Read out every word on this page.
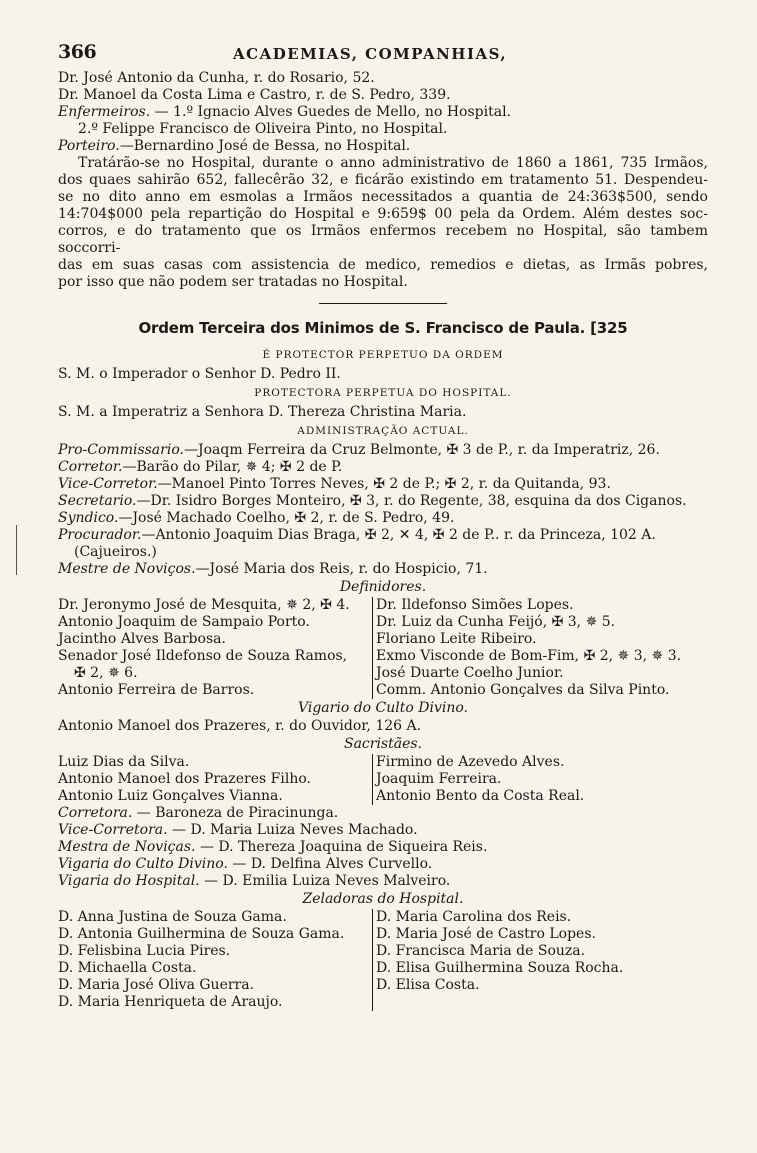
366	ACADEMIAS, COMPANHIAS,

Dr. José Antonio da Cunha, r. do Rosario, 52.

Dr. Manoel da Costa Lima e Castro, r. de S. Pedro, 339.

Enfermeiros. — 1.º Ignacio Alves Guedes de Mello, no Hospital.

2.º Felippe Francisco de Oliveira Pinto, no Hospital.

Porteiro.—Bernardino José de Bessa, no Hospital.

Tratárão-se no Hospital, durante o anno administrativo de 1860 a 1861, 735 Irmãos,

dos quaes sahirão 652, fallecêrão 32, e ficárão existindo em tratamento 51. Despendeu-

se no dito anno em esmolas a Irmãos necessitados a quantia de 24:363$500, sendo

14:704$000 pela repartição do Hospital e 9:659$ 00 pela da Ordem. Além destes soc-

corros, e do tratamento que os Irmãos enfermos recebem no Hospital, são tambem soccorri-

das em suas casas com assistencia de medico, remedios e dietas, as Irmãs pobres,

por isso que não podem ser tratadas no Hospital.

Ordem Terceira dos Minimos de S. Francisco de Paula. [325
É PROTECTOR PERPETUO DA ORDEM

S. M. o Imperador o Senhor D. Pedro II.

PROTECTORA PERPETUA DO HOSPITAL.

S. M. a Imperatriz a Senhora D. Thereza Christina Maria.

ADMINISTRAÇÃO ACTUAL.

Pro-Commissario.—Joaqm Ferreira da Cruz Belmonte, ✠ 3 de P., r. da Imperatriz, 26.

Corretor.—Barão do Pilar, ✵ 4; ✠ 2 de P.

Vice-Corretor.—Manoel Pinto Torres Neves, ✠ 2 de P.; ✠ 2, r. da Quitanda, 93.

Secretario.—Dr. Isidro Borges Monteiro, ✠ 3, r. do Regente, 38, esquina da dos Ciganos.

Syndico.—José Machado Coelho, ✠ 2, r. de S. Pedro, 49.

Procurador.—Antonio Joaquim Dias Braga, ✠ 2, ✕ 4, ✠ 2 de P.. r. da Princeza, 102 A.

(Cajueiros.)

Mestre de Noviços.—José Maria dos Reis, r. do Hospicio, 71.

Definidores.

Dr. Jeronymo José de Mesquita, ✵ 2, ✠ 4.

Antonio Joaquim de Sampaio Porto.

Jacintho Alves Barbosa.

Senador José Ildefonso de Souza Ramos,

✠ 2, ✵ 6.

Antonio Ferreira de Barros.

Dr. Ildefonso Simões Lopes.

Dr. Luiz da Cunha Feijó, ✠ 3, ✵ 5.

Floriano Leite Ribeiro.

Exmo Visconde de Bom-Fim, ✠ 2, ✵ 3, ✵ 3.

José Duarte Coelho Junior.

Comm. Antonio Gonçalves da Silva Pinto.

Vigario do Culto Divino.

Antonio Manoel dos Prazeres, r. do Ouvidor, 126 A.

Sacristães.

Luiz Dias da Silva.

Antonio Manoel dos Prazeres Filho.

Antonio Luiz Gonçalves Vianna.

Firmino de Azevedo Alves.

Joaquim Ferreira.

Antonio Bento da Costa Real.

Corretora. — Baroneza de Piracinunga.

Vice-Corretora. — D. Maria Luiza Neves Machado.

Mestra de Noviças. — D. Thereza Joaquina de Siqueira Reis.

Vigaria do Culto Divino. — D. Delfina Alves Curvello.

Vigaria do Hospital. — D. Emilia Luiza Neves Malveiro.

Zeladoras do Hospital.

D. Anna Justina de Souza Gama.

D. Antonia Guilhermina de Souza Gama.

D. Felisbina Lucia Pires.

D. Michaella Costa.

D. Maria José Oliva Guerra.

D. Maria Henriqueta de Araujo.

D. Maria Carolina dos Reis.

D. Maria José de Castro Lopes.

D. Francisca Maria de Souza.

D. Elisa Guilhermina Souza Rocha.

D. Elisa Costa.
